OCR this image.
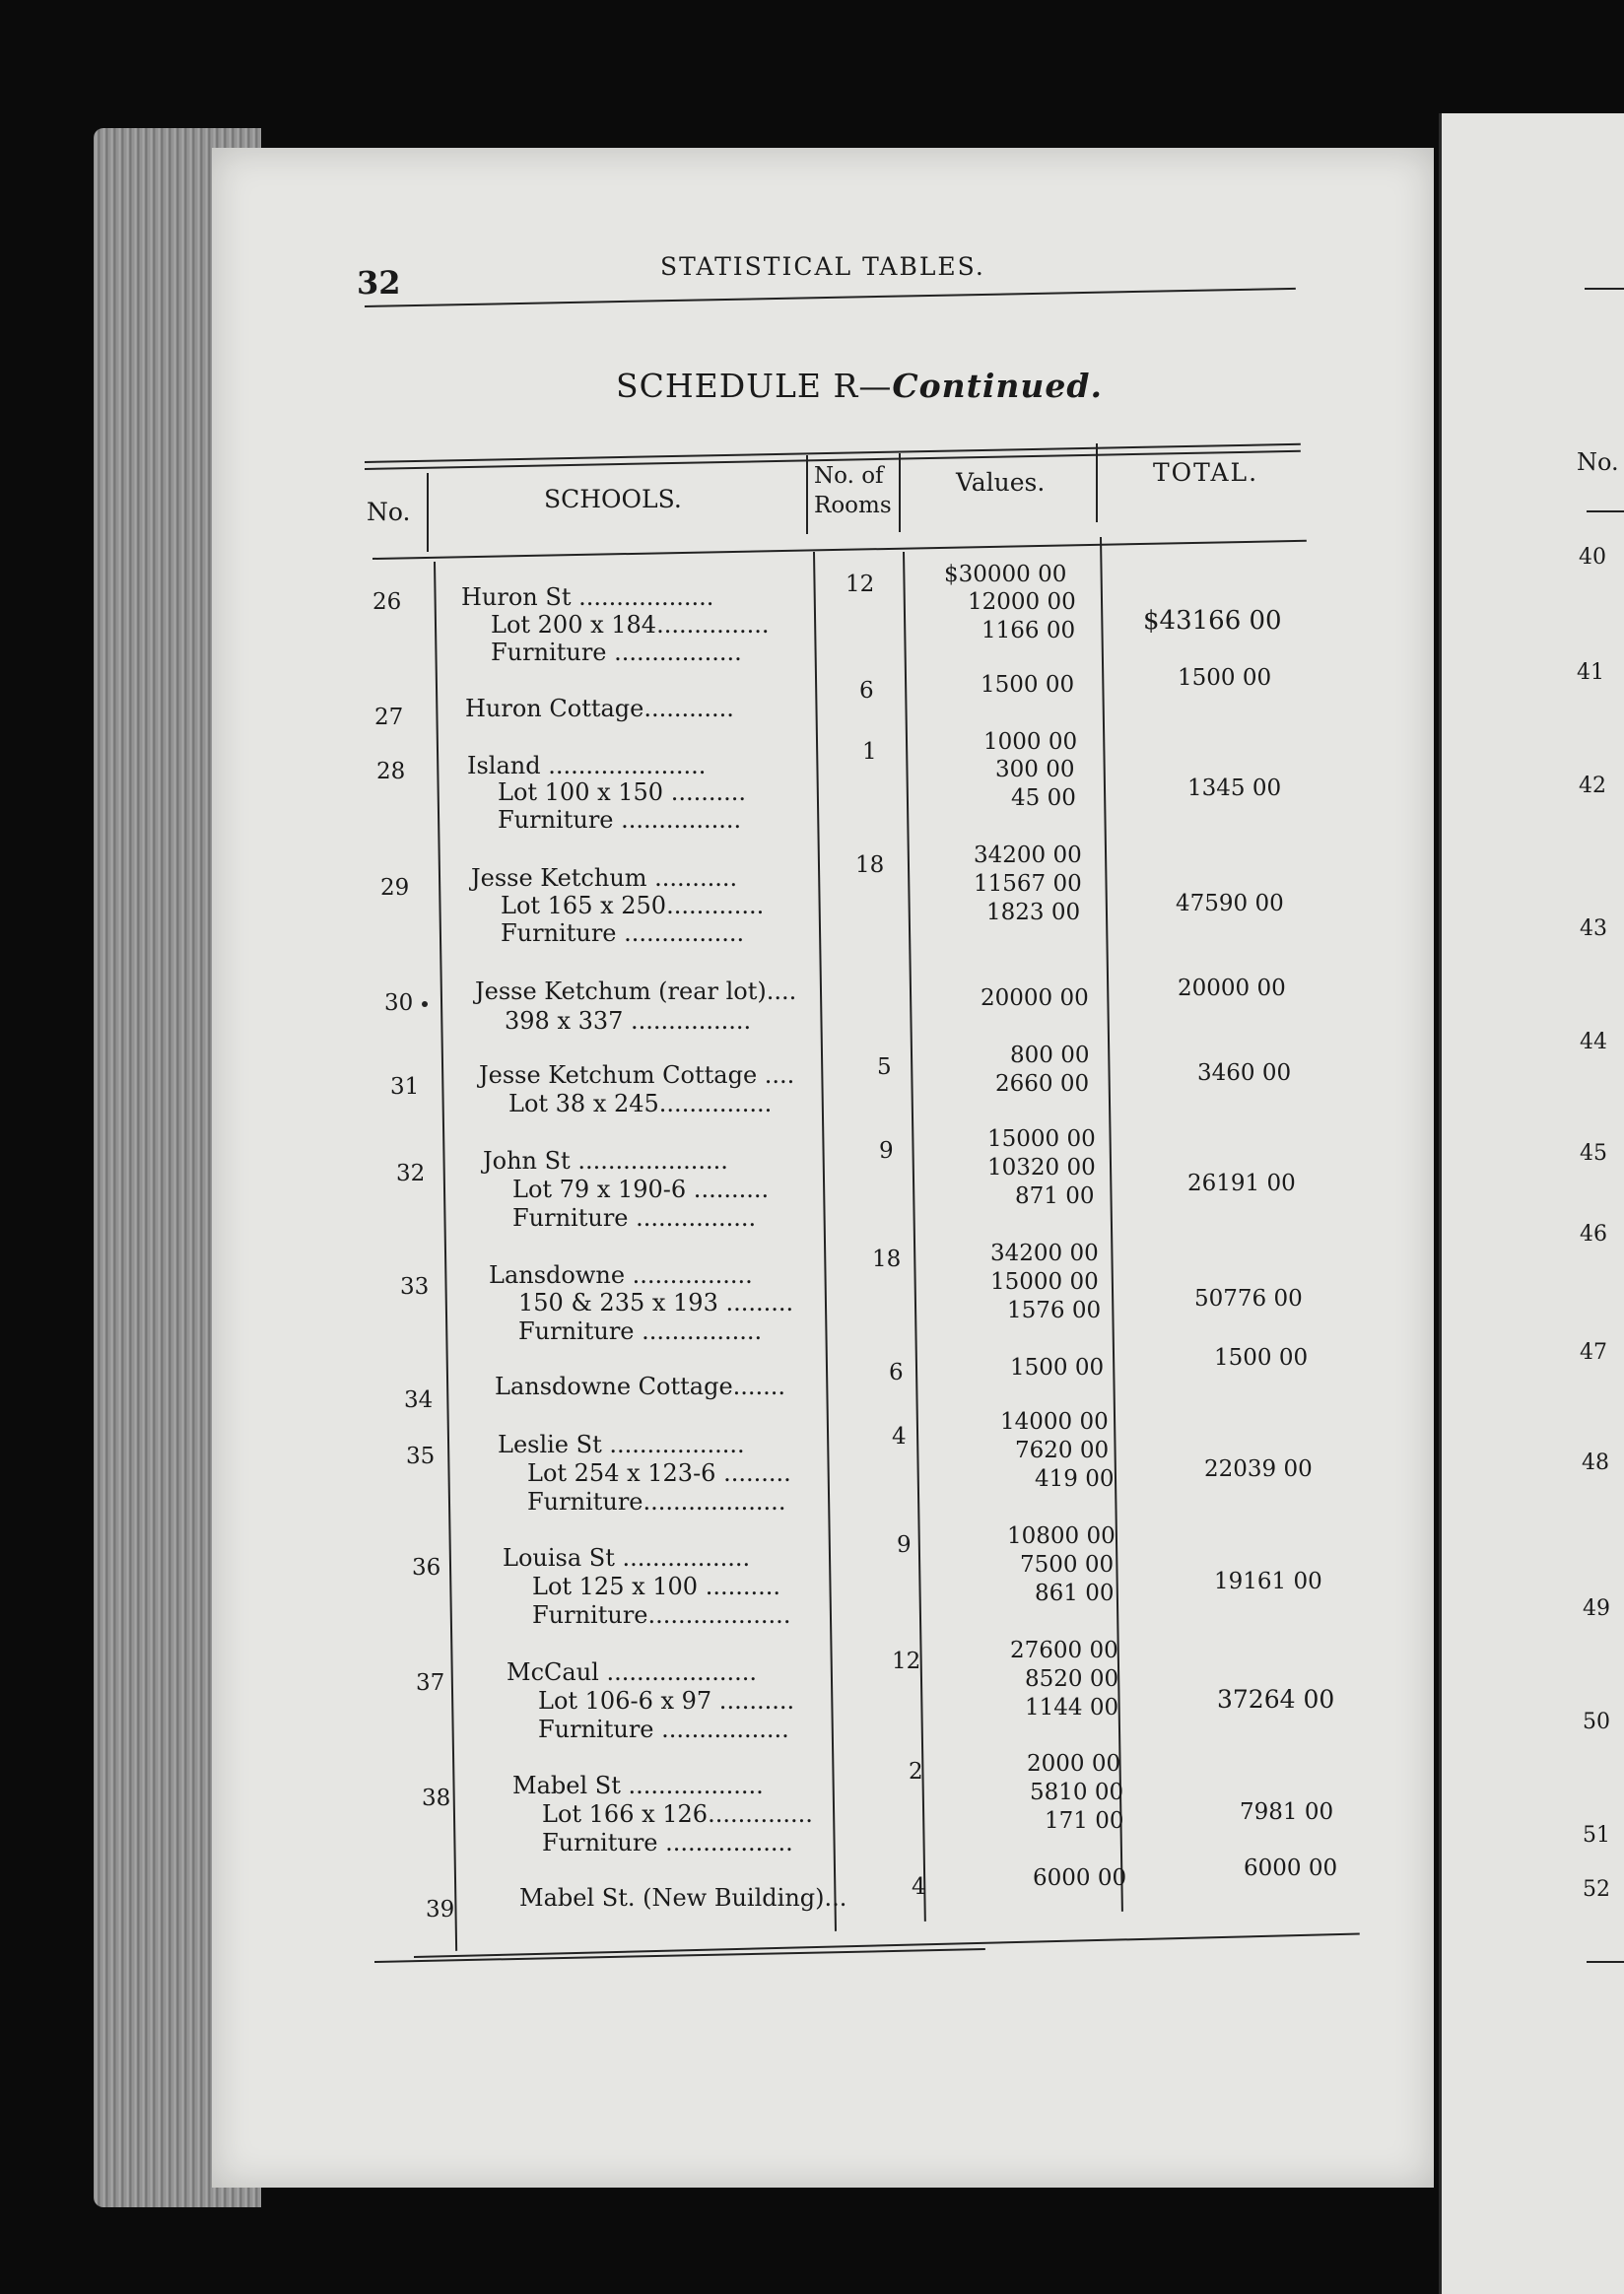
32	STATISTICAL TABLES.
SCHEDULE R—Continued.
No.	SCHOOLS.
No. of Rooms
Values.	TOTAL.
26	Huron St ..................
Lot 200 x 184...............
Furniture .................
12	$30000 00
12000 00
1166 00	$43166 00
27	Huron Cottage............
6	1500 00	1500 00
28	Island .....................
Lot 100 x 150 ..........
Furniture ................
1	1000 00
300 00
45 00	1345 00
29	Jesse Ketchum ...........
Lot 165 x 250.............
Furniture ................
18	34200 00
11567 00
1823 00	47590 00
30	Jesse Ketchum (rear lot)....
398 x 337 ................
20000 00	20000 00
31	Jesse Ketchum Cottage ....
Lot 38 x 245...............
5	800 00
2660 00	3460 00
32 John St ....................
Lot 79 x 190-6 ..........
Furniture ................
9	15000 00
10320 00
871 00	26191 00
33	Lansdowne ................
150 & 235 x 193 .........
Furniture ................
18	34200 00
15000 00
1576 00	50776 00
34	Lansdowne Cottage.......	6	1500 00	1500 00
35	Leslie St ..................
Lot 254 x 123-6 .........
Furniture...................
4
14000 00
7620 00
419 00	22039 00
36	Louisa St .................
Lot 125 x 100 ..........
Furniture...................
9	10800 00
7500 00
861 00	19161 00
37	McCaul ....................
Lot 106-6 x 97 ..........
Furniture .................
12	27600 00
8520 00
1144 00	37264 00
38	Mabel St ..................
Lot 166 x 126..............
Furniture .................
2	2000 00
5810 00
171 00	7981 00
39	Mabel St. (New Building)...	4	6000 00	6000 00
No.
40
41
42
43
44
45
46
47
48
49
50
51
52
